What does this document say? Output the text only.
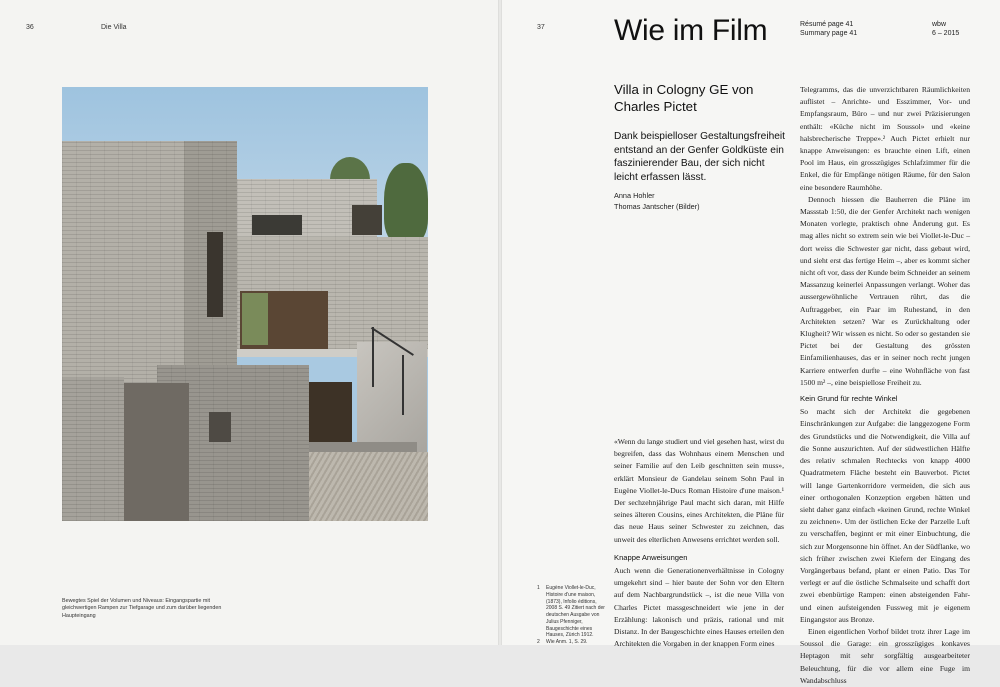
36	Die Villa
Bewegtes Spiel der Volumen und Niveaus: Eingangspartie mit gleichwertigen Rampen zur Tiefgarage und zum darüber liegenden Haupteingang
37 Wie im Film	Résumé page 41
Summary page 41
wbw
6 – 2015
Villa in Cologny GE von Charles Pictet
Dank beispielloser Gestaltungsfreiheit entstand an der Genfer Goldküste ein faszinierender Bau, der sich nicht leicht erfassen lässt.
Anna Hohler
Thomas Jantscher (Bilder)

«Wenn du lange studiert und viel gesehen hast, wirst du begreifen, dass das Wohnhaus einem Menschen und seiner Familie auf den Leib geschnitten sein muss», erklärt Monsieur de Gandelau seinem Sohn Paul in Eugène Viollet-le-Ducs Roman Histoire d'une maison.¹ Der sechzehnjährige Paul macht sich daran, mit Hilfe seines älteren Cousins, eines Architekten, die Pläne für das neue Haus seiner Schwester zu zeichnen, das unweit des elterlichen Anwesens errichtet werden soll.

Knappe Anweisungen

Auch wenn die Generationenverhältnisse in Cologny umgekehrt sind – hier baute der Sohn vor den Eltern auf dem Nachbargrundstück –, ist die neue Villa von Charles Pictet massgeschneidert wie jene in der Erzählung: lakonisch und präzis, rational und mit Distanz. In der Baugeschichte eines Hauses erteilen den Architekten die Vorgaben in der knappen Form eines

Telegramms, das die unverzichtbaren Räumlichkeiten auflistet – Anrichte- und Esszimmer, Vor- und Empfangsraum, Büro – und nur zwei Präzisierungen enthält: «Küche nicht im Soussol» und «keine halsbrecherische Treppe».² Auch Pictet erhielt nur knappe Anweisungen: es brauchte einen Lift, einen Pool im Haus, ein grosszügiges Schlafzimmer für die Enkel, die für Empfänge nötigen Räume, für den Salon eine besondere Raumhöhe.

Dennoch hiessen die Bauherren die Pläne im Massstab 1:50, die der Genfer Architekt nach wenigen Monaten vorlegte, praktisch ohne Änderung gut. Es mag alles nicht so extrem sein wie bei Viollet-le-Duc – dort weiss die Schwester gar nicht, dass gebaut wird, und sieht erst das fertige Heim –, aber es kommt sicher nicht oft vor, dass der Kunde beim Schneider an seinem Massanzug keinerlei Anpassungen verlangt. Woher das aussergewöhnliche Vertrauen rührt, das die Auftraggeber, ein Paar im Ruhestand, in den Architekten setzen? War es Zurückhaltung oder Klugheit? Wir wissen es nicht. So oder so gestanden sie Pictet bei der Gestaltung des grössten Einfamilienhauses, das er in seiner noch recht jungen Karriere entwerfen durfte – eine Wohnfläche von fast 1500 m² –, eine beispiellose Freiheit zu.

Kein Grund für rechte Winkel

So macht sich der Architekt die gegebenen Einschränkungen zur Aufgabe: die langgezogene Form des Grundstücks und die Notwendigkeit, die Villa auf die Sonne auszurichten. Auf der südwestlichen Hälfte des relativ schmalen Rechtecks von knapp 4000 Quadratmetern Fläche besteht ein Bauverbot. Pictet will lange Gartenkorridore vermeiden, die sich aus einer orthogonalen Konzeption ergeben hätten und sieht daher ganz einfach «keinen Grund, rechte Winkel zu zeichnen». Um der östlichen Ecke der Parzelle Luft zu verschaffen, beginnt er mit einer Einbuchtung, die sich zur Morgensonne hin öffnet. An der Südflanke, wo sich früher zwischen zwei Kiefern der Eingang des Vorgängerbaus befand, plant er einen Patio. Das Tor verlegt er auf die östliche Schmalseite und schafft dort zwei ebenbürtige Rampen: einen absteigenden Fahr- und einen aufsteigenden Fussweg mit je eigenem Eingangstor aus Bronze.

Einen eigentlichen Vorhof bildet trotz ihrer Lage im Soussol die Garage: ein grosszügiges konkaves Heptagon mit sehr sorgfältig ausgearbeiteter Beleuchtung, für die vor allem eine Fuge im Wandabschluss

1	Eugène Viollet-le-Duc, Histoire d'une maison, (1873), Infolio éditions, 2008 S. 49 Zitiert nach der deutschen Ausgabe von Julius Pfenniger, Baugeschichte eines Hauses, Zürich 1912.
2	Wie Anm. 1, S. 29.
